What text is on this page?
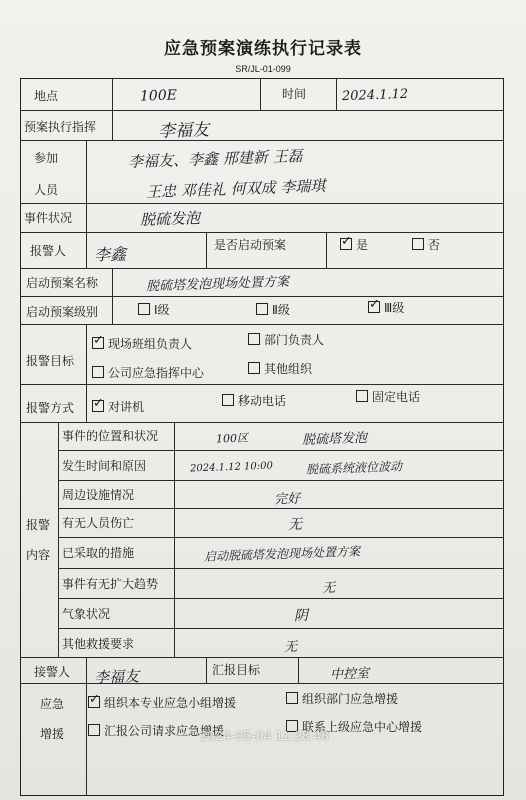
应急预案演练执行记录表
SR/JL-01-099
地点	100E	时间	2024.1.12
预案执行指挥	李福友
参加
人员
李福友、李鑫 邢建新 王磊
王忠 邓佳礼 何双成 李瑞琪
事件状况	脱硫发泡
报警人 李鑫	是否启动预案 ✓	是	否
启动预案名称	脱硫塔发泡现场处置方案
启动预案级别	Ⅰ级	Ⅱ级 ✓	Ⅲ级
报警目标
✓现场班组负责人	部门负责人
公司应急指挥中心	其他组织
报警方式 ✓	对讲机	移动电话	固定电话
报警
内容
事件的位置和状况	100区	脱硫塔发泡
发生时间和原因	2024.1.12 10:00	脱硫系统液位波动
周边设施情况	完好
有无人员伤亡	无
已采取的措施	启动脱硫塔发泡现场处置方案
事件有无扩大趋势	无
气象状况	阴
其他救援要求	无
接警人 李福友	汇报目标	中控室
应急
增援
✓组织本专业应急小组增援	组织部门应急增援
汇报公司请求应急增援	联系上级应急中心增援
2024-05-04 11:28:48
